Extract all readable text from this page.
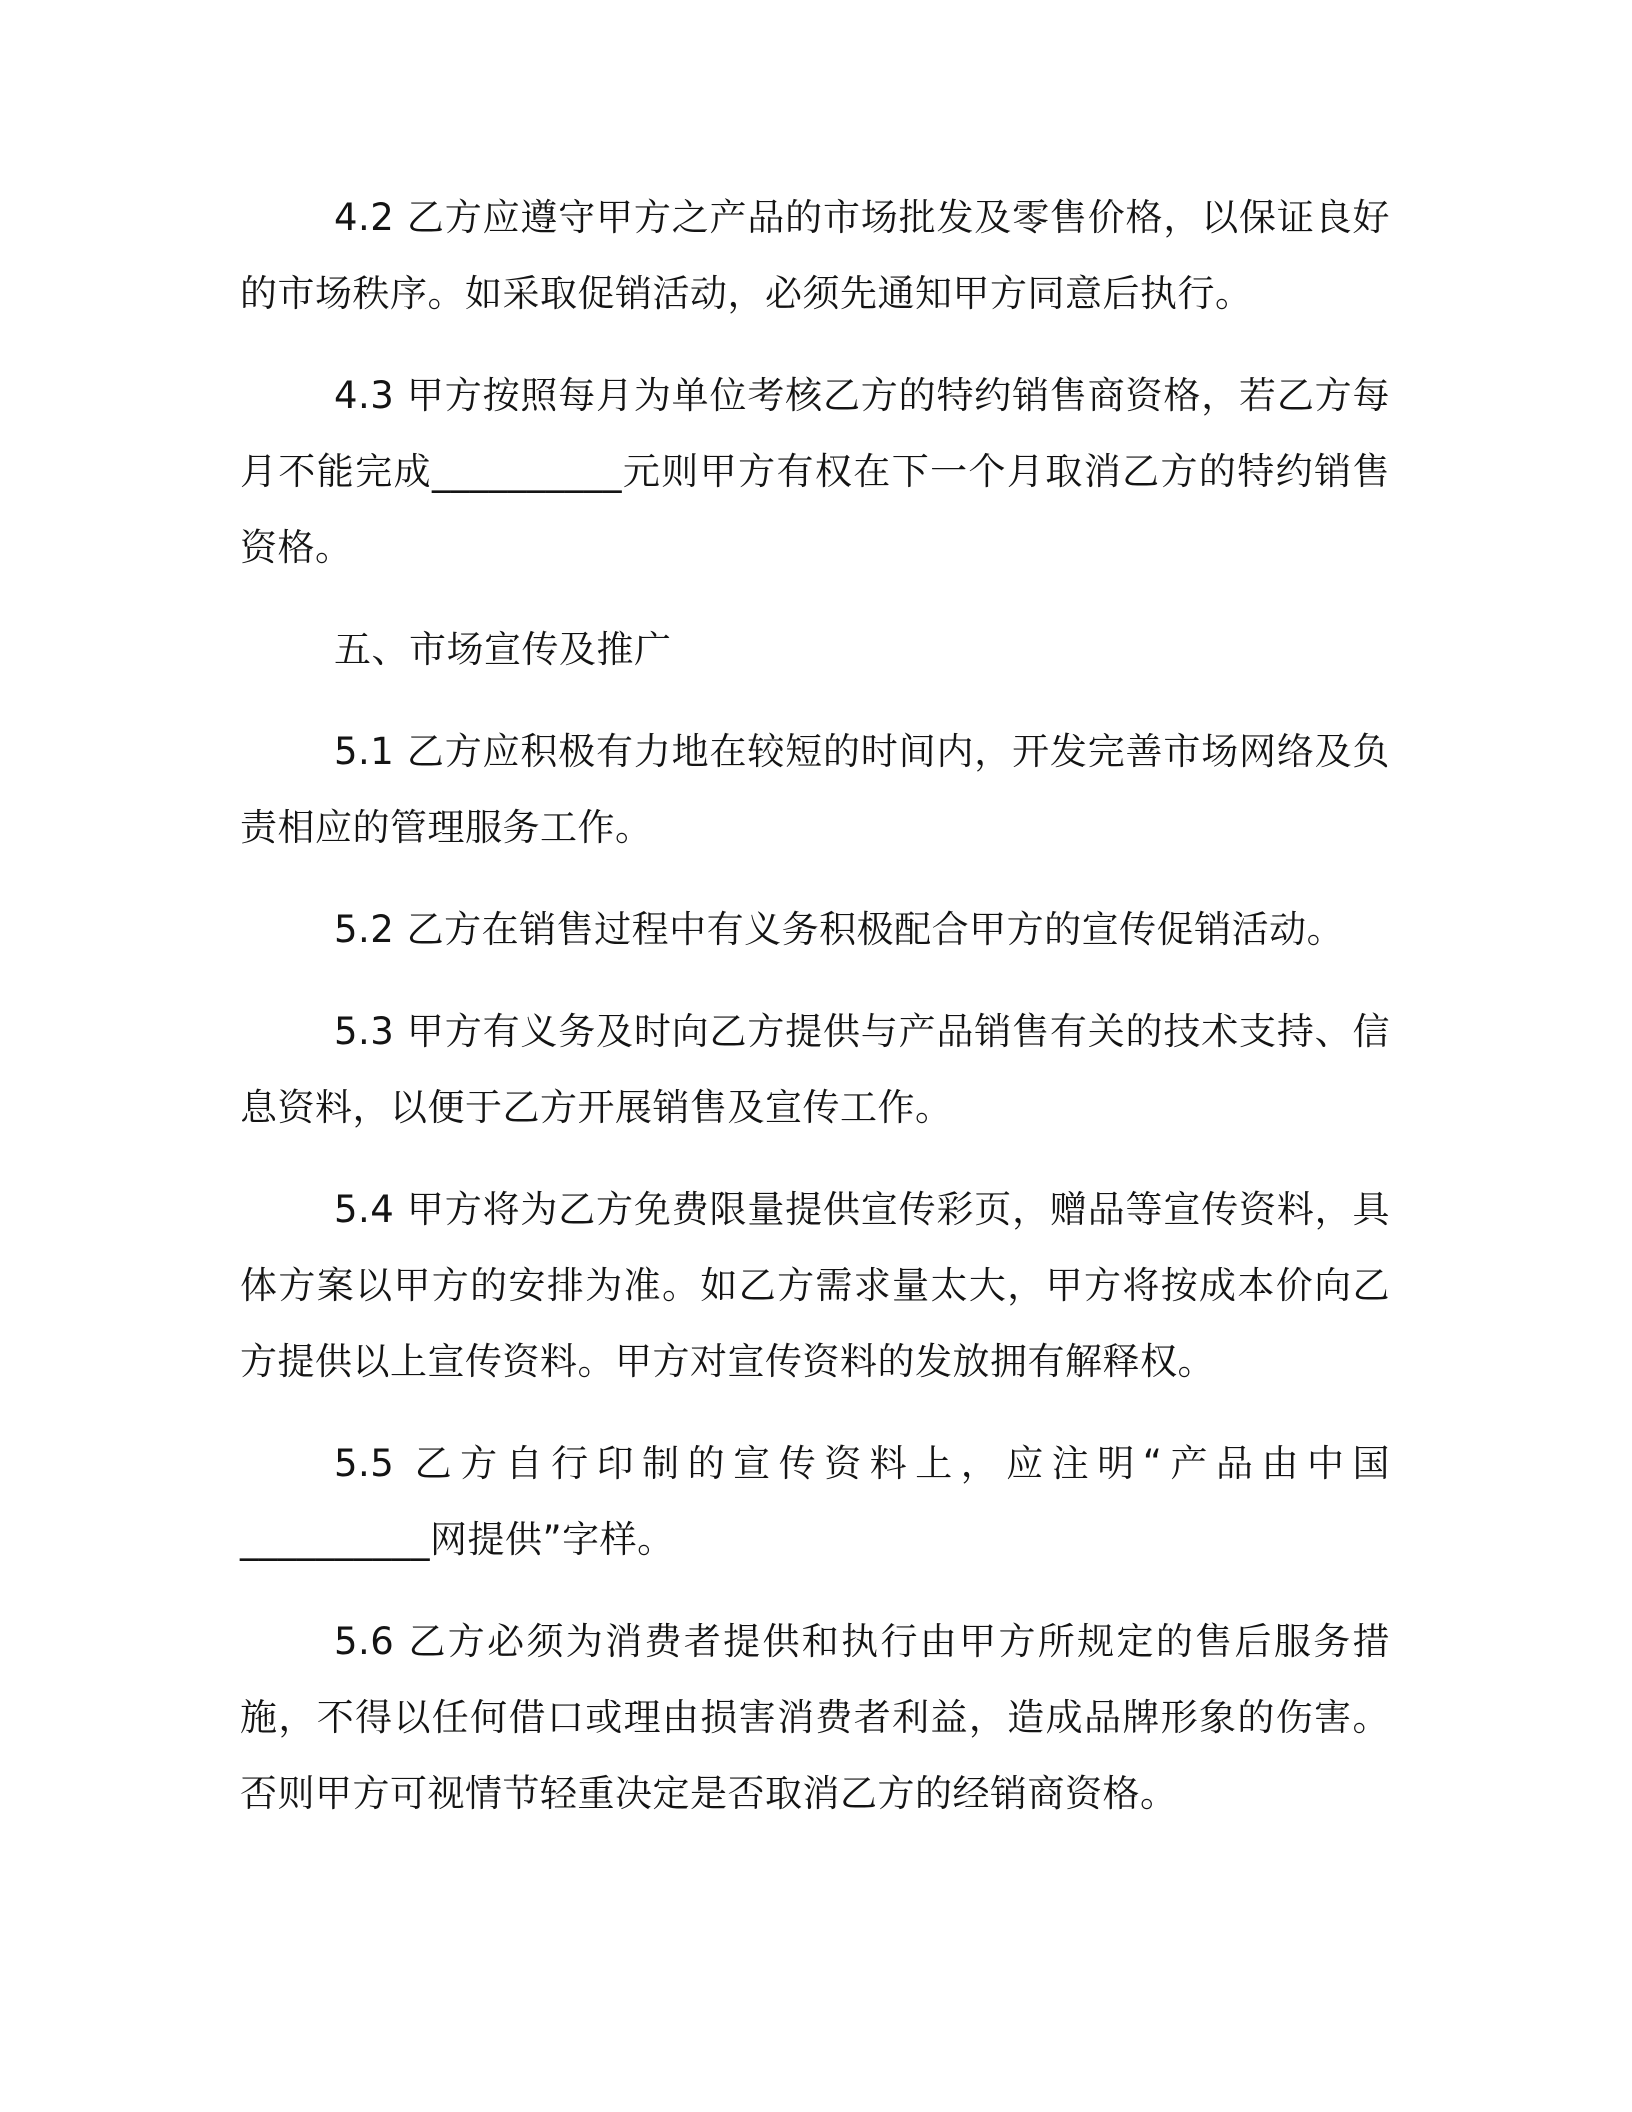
4.2 乙方应遵守甲方之产品的市场批发及零售价格，以保证良好的市场秩序。如采取促销活动，必须先通知甲方同意后执行。

4.3 甲方按照每月为单位考核乙方的特约销售商资格，若乙方每月不能完成__________元则甲方有权在下一个月取消乙方的特约销售资格。

五、市场宣传及推广

5.1 乙方应积极有力地在较短的时间内，开发完善市场网络及负责相应的管理服务工作。

5.2 乙方在销售过程中有义务积极配合甲方的宣传促销活动。

5.3 甲方有义务及时向乙方提供与产品销售有关的技术支持、信息资料，以便于乙方开展销售及宣传工作。

5.4 甲方将为乙方免费限量提供宣传彩页，赠品等宣传资料，具体方案以甲方的安排为准。如乙方需求量太大，甲方将按成本价向乙方提供以上宣传资料。甲方对宣传资料的发放拥有解释权。

5.5 乙方自行印制的宣传资料上，应注明“产品由中国__________网提供”字样。

5.6 乙方必须为消费者提供和执行由甲方所规定的售后服务措施，不得以任何借口或理由损害消费者利益，造成品牌形象的伤害。否则甲方可视情节轻重决定是否取消乙方的经销商资格。
